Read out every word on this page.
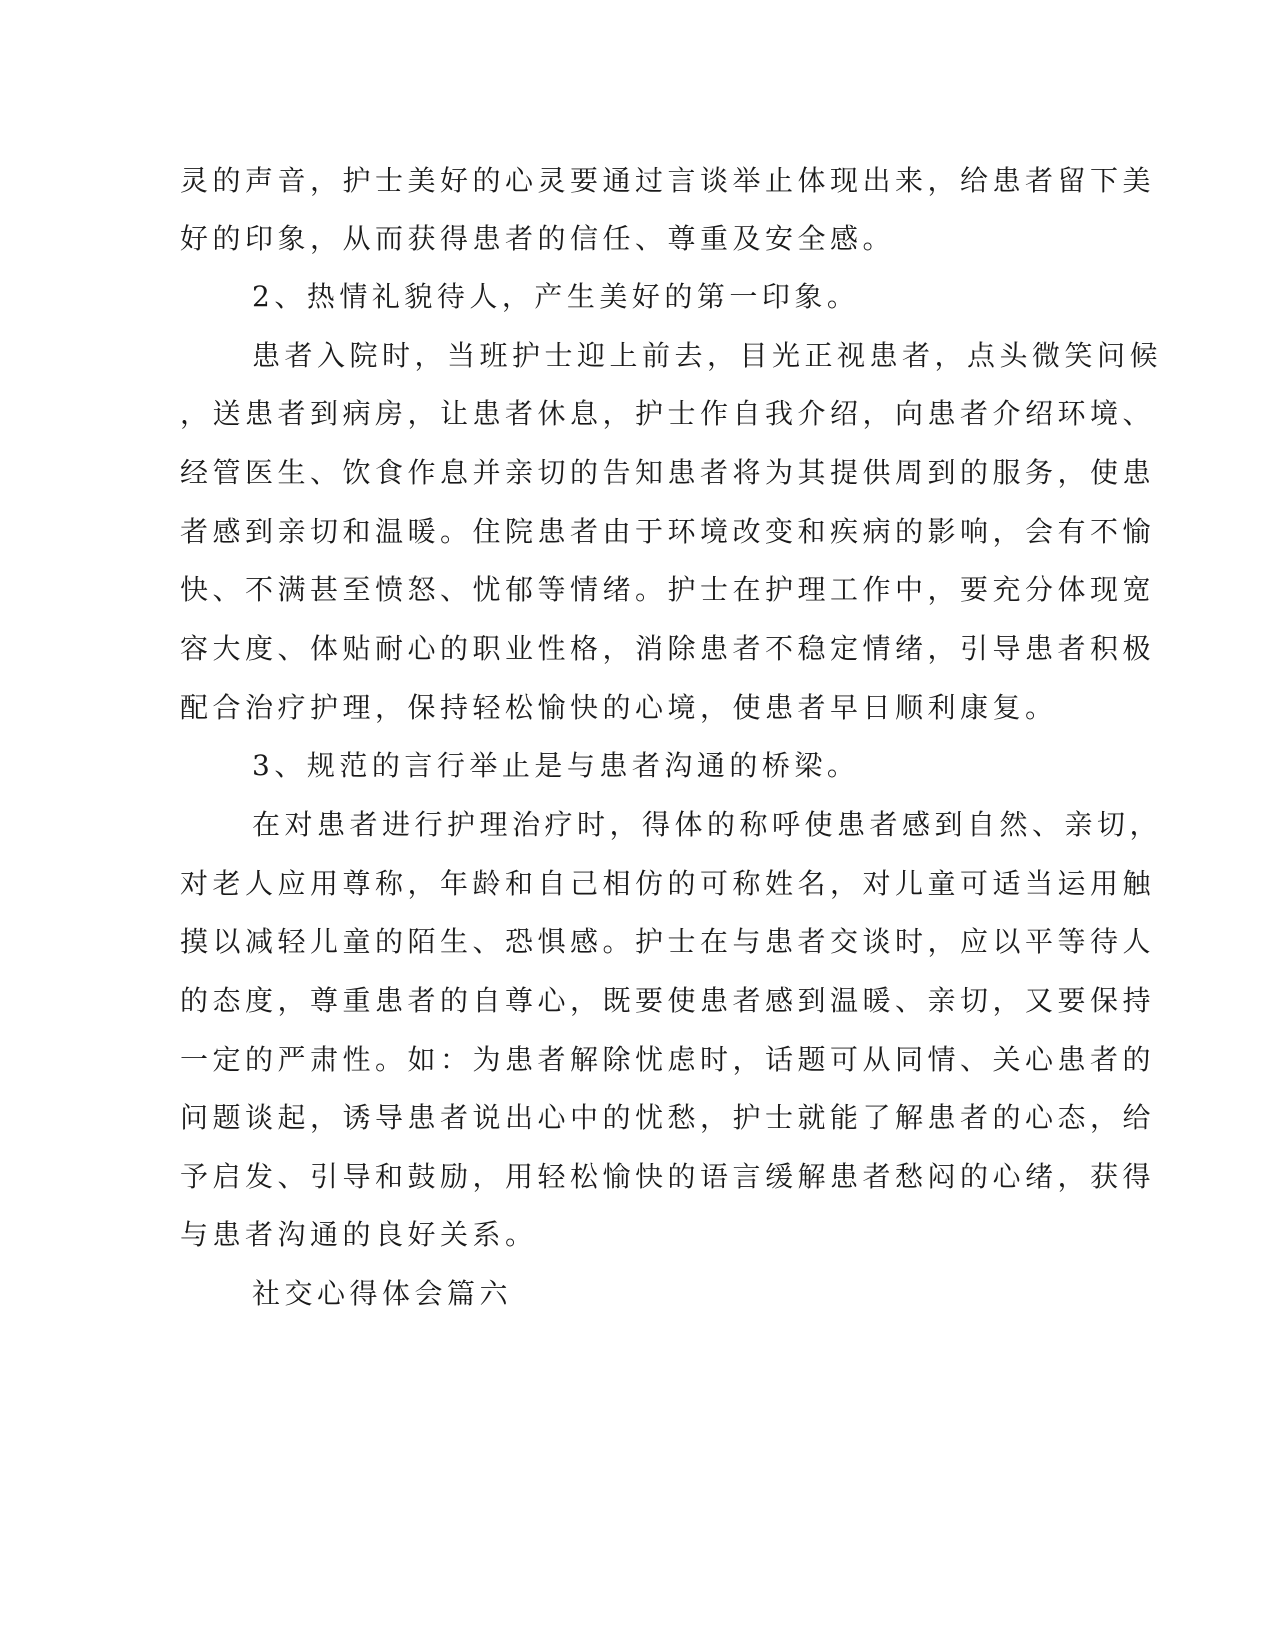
灵的声音，护士美好的心灵要通过言谈举止体现出来，给患者留下美

好的印象，从而获得患者的信任、尊重及安全感。

2、热情礼貌待人，产生美好的第一印象。

患者入院时，当班护士迎上前去，目光正视患者，点头微笑问候

，送患者到病房，让患者休息，护士作自我介绍，向患者介绍环境、

经管医生、饮食作息并亲切的告知患者将为其提供周到的服务，使患

者感到亲切和温暖。住院患者由于环境改变和疾病的影响，会有不愉

快、不满甚至愤怒、忧郁等情绪。护士在护理工作中，要充分体现宽

容大度、体贴耐心的职业性格，消除患者不稳定情绪，引导患者积极

配合治疗护理，保持轻松愉快的心境，使患者早日顺利康复。

3、规范的言行举止是与患者沟通的桥梁。

在对患者进行护理治疗时，得体的称呼使患者感到自然、亲切，

对老人应用尊称，年龄和自己相仿的可称姓名，对儿童可适当运用触

摸以减轻儿童的陌生、恐惧感。护士在与患者交谈时，应以平等待人

的态度，尊重患者的自尊心，既要使患者感到温暖、亲切，又要保持

一定的严肃性。如：为患者解除忧虑时，话题可从同情、关心患者的

问题谈起，诱导患者说出心中的忧愁，护士就能了解患者的心态，给

予启发、引导和鼓励，用轻松愉快的语言缓解患者愁闷的心绪，获得

与患者沟通的良好关系。

社交心得体会篇六
